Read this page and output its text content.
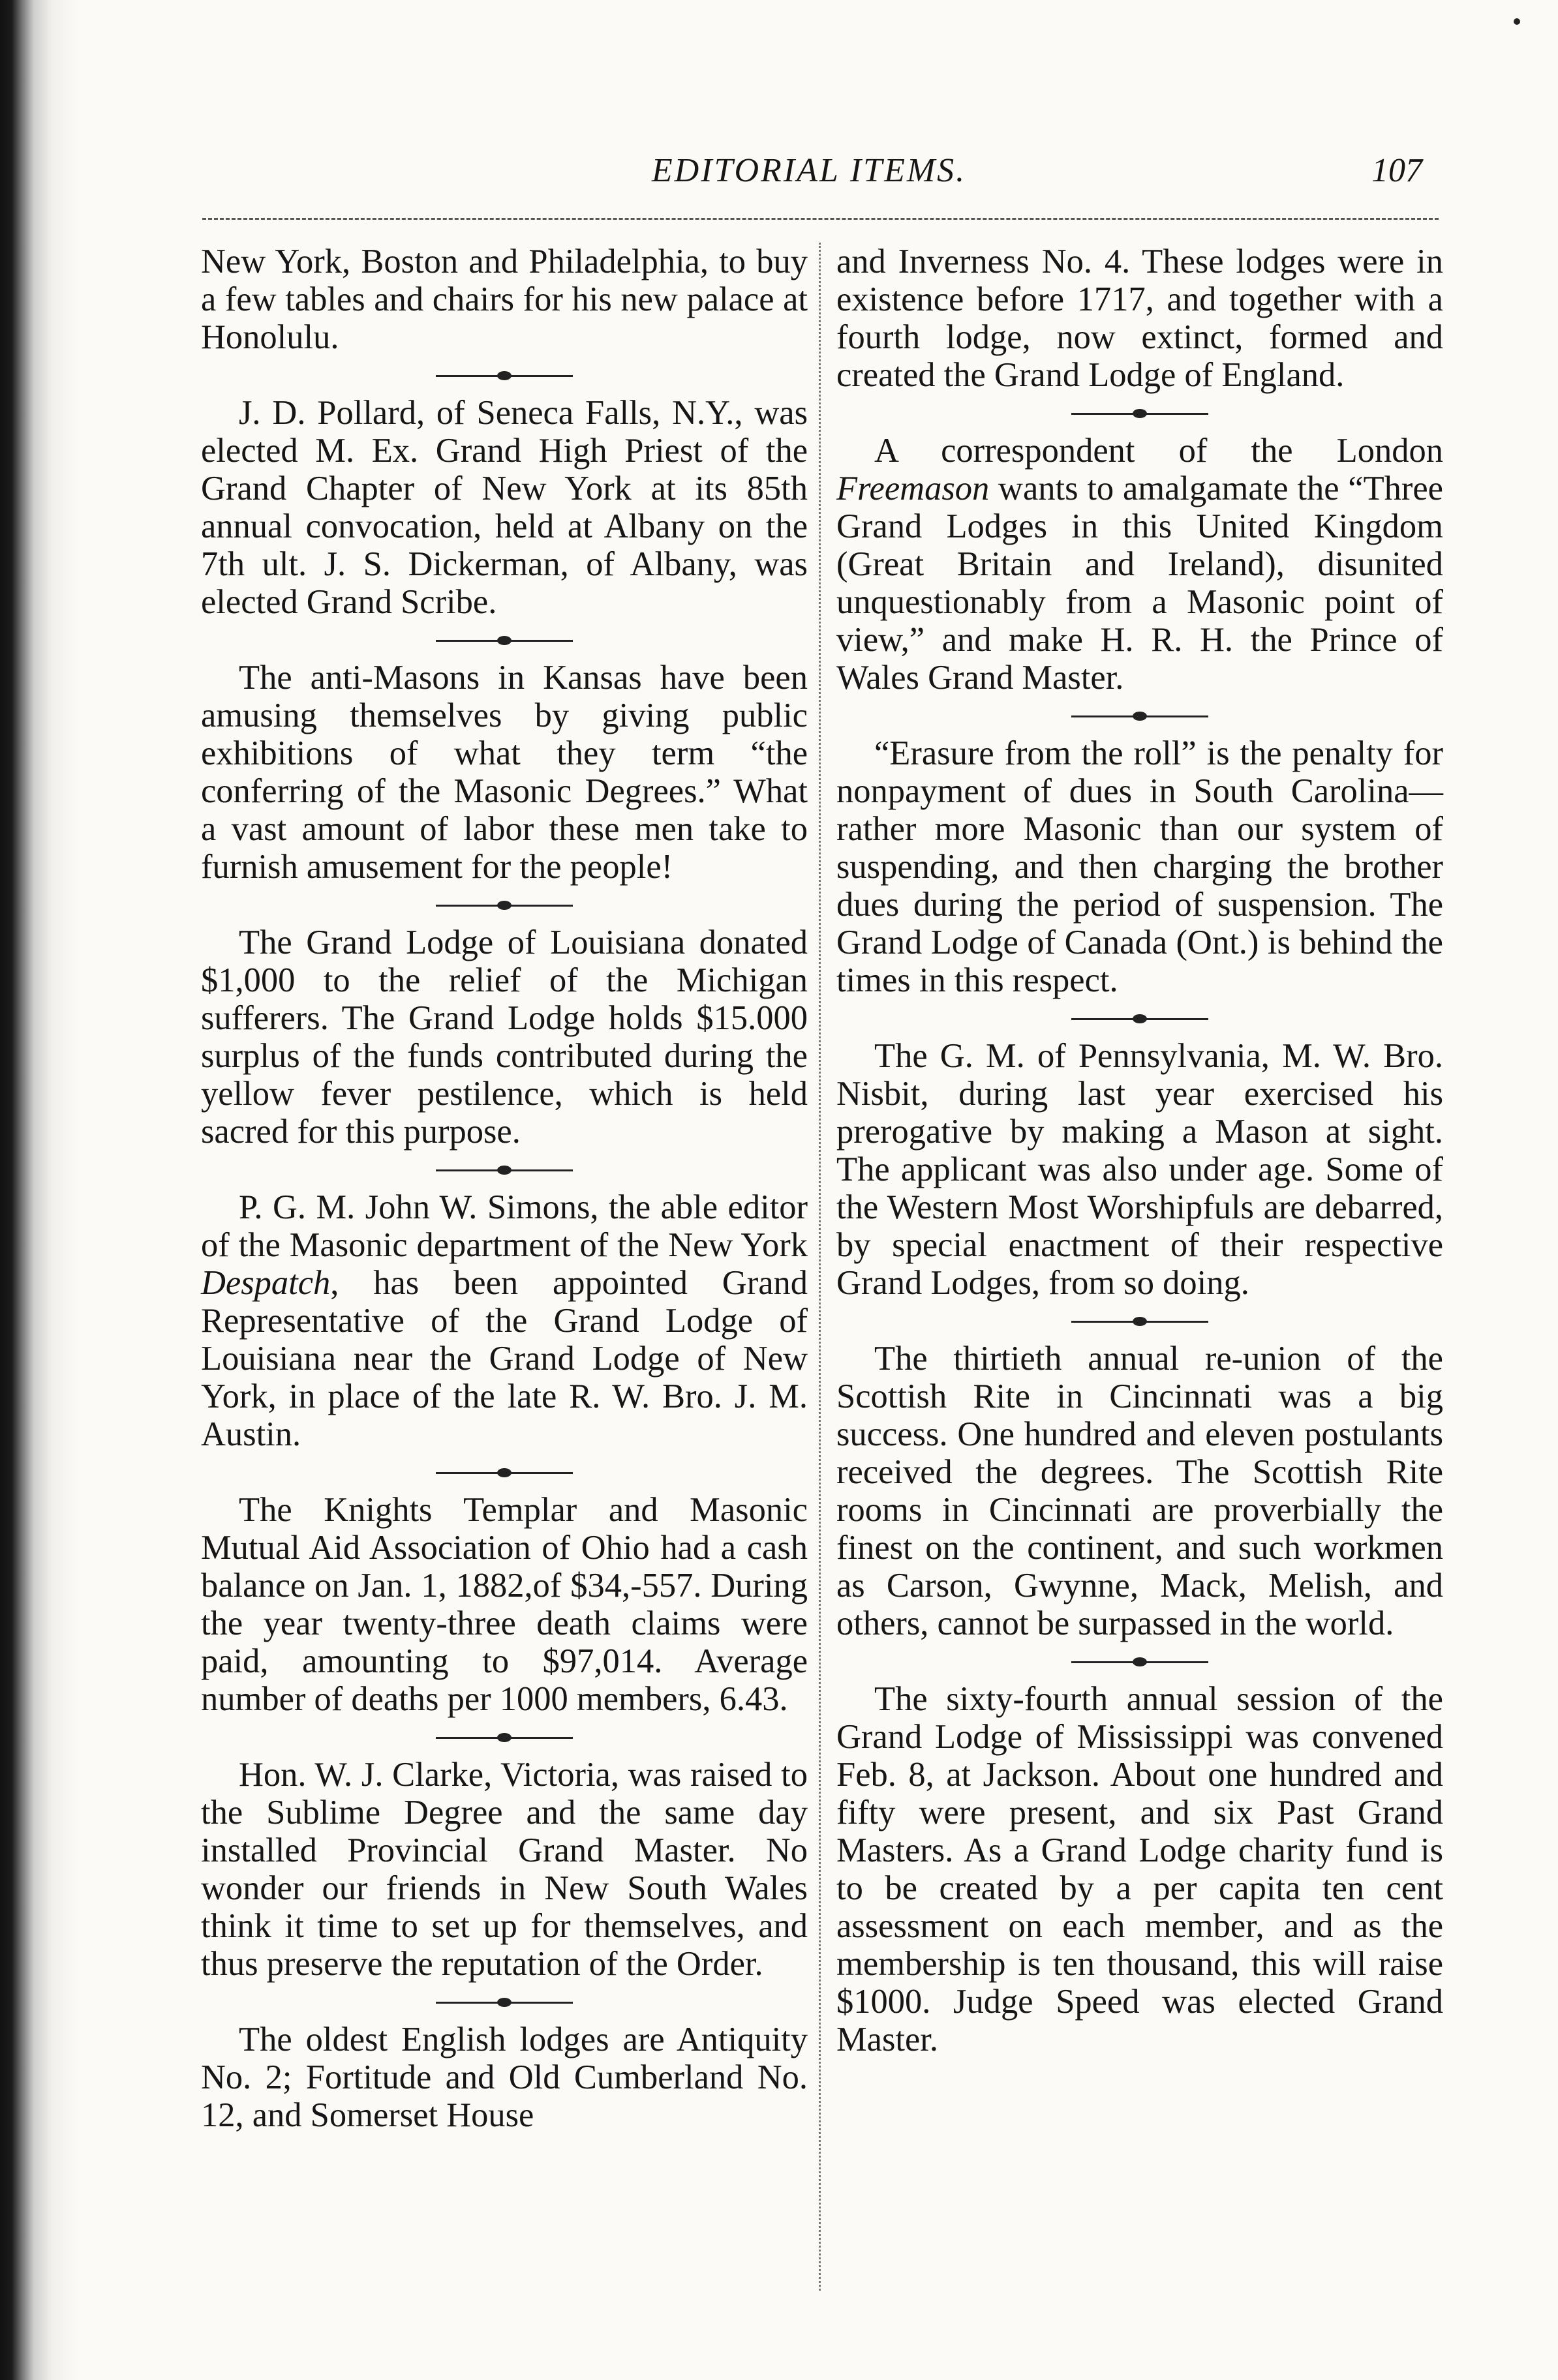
EDITORIAL ITEMS.	107

New York, Boston and Philadelphia, to buy a few tables and chairs for his new palace at Honolulu.

J. D. Pollard, of Seneca Falls, N.Y., was elected M. Ex. Grand High Priest of the Grand Chapter of New York at its 85th annual convocation, held at Albany on the 7th ult. J. S. Dickerman, of Albany, was elected Grand Scribe.

The anti-Masons in Kansas have been amusing themselves by giving public exhibitions of what they term “the conferring of the Masonic Degrees.” What a vast amount of labor these men take to furnish amusement for the people!

The Grand Lodge of Louisiana donated $1,000 to the relief of the Michigan sufferers. The Grand Lodge holds $15.000 surplus of the funds contributed during the yellow fever pestilence, which is held sacred for this purpose.

P. G. M. John W. Simons, the able editor of the Masonic department of the New York Despatch, has been appointed Grand Representative of the Grand Lodge of Louisiana near the Grand Lodge of New York, in place of the late R. W. Bro. J. M. Austin.

The Knights Templar and Masonic Mutual Aid Association of Ohio had a cash balance on Jan. 1, 1882,of $34,-557. During the year twenty-three death claims were paid, amounting to $97,014. Average number of deaths per 1000 members, 6.43.

Hon. W. J. Clarke, Victoria, was raised to the Sublime Degree and the same day installed Provincial Grand Master. No wonder our friends in New South Wales think it time to set up for themselves, and thus preserve the reputation of the Order.

The oldest English lodges are Antiquity No. 2; Fortitude and Old Cumberland No. 12, and Somerset House

and Inverness No. 4. These lodges were in existence before 1717, and together with a fourth lodge, now extinct, formed and created the Grand Lodge of England.

A correspondent of the London Freemason wants to amalgamate the “Three Grand Lodges in this United Kingdom (Great Britain and Ireland), disunited unquestionably from a Masonic point of view,” and make H. R. H. the Prince of Wales Grand Master.

“Erasure from the roll” is the penalty for nonpayment of dues in South Carolina—rather more Masonic than our system of suspending, and then charging the brother dues during the period of suspension. The Grand Lodge of Canada (Ont.) is behind the times in this respect.

The G. M. of Pennsylvania, M. W. Bro. Nisbit, during last year exercised his prerogative by making a Mason at sight. The applicant was also under age. Some of the Western Most Worshipfuls are debarred, by special enactment of their respective Grand Lodges, from so doing.

The thirtieth annual re-union of the Scottish Rite in Cincinnati was a big success. One hundred and eleven postulants received the degrees. The Scottish Rite rooms in Cincinnati are proverbially the finest on the continent, and such workmen as Carson, Gwynne, Mack, Melish, and others, cannot be surpassed in the world.

The sixty-fourth annual session of the Grand Lodge of Mississippi was convened Feb. 8, at Jackson. About one hundred and fifty were present, and six Past Grand Masters. As a Grand Lodge charity fund is to be created by a per capita ten cent assessment on each member, and as the membership is ten thousand, this will raise $1000. Judge Speed was elected Grand Master.
